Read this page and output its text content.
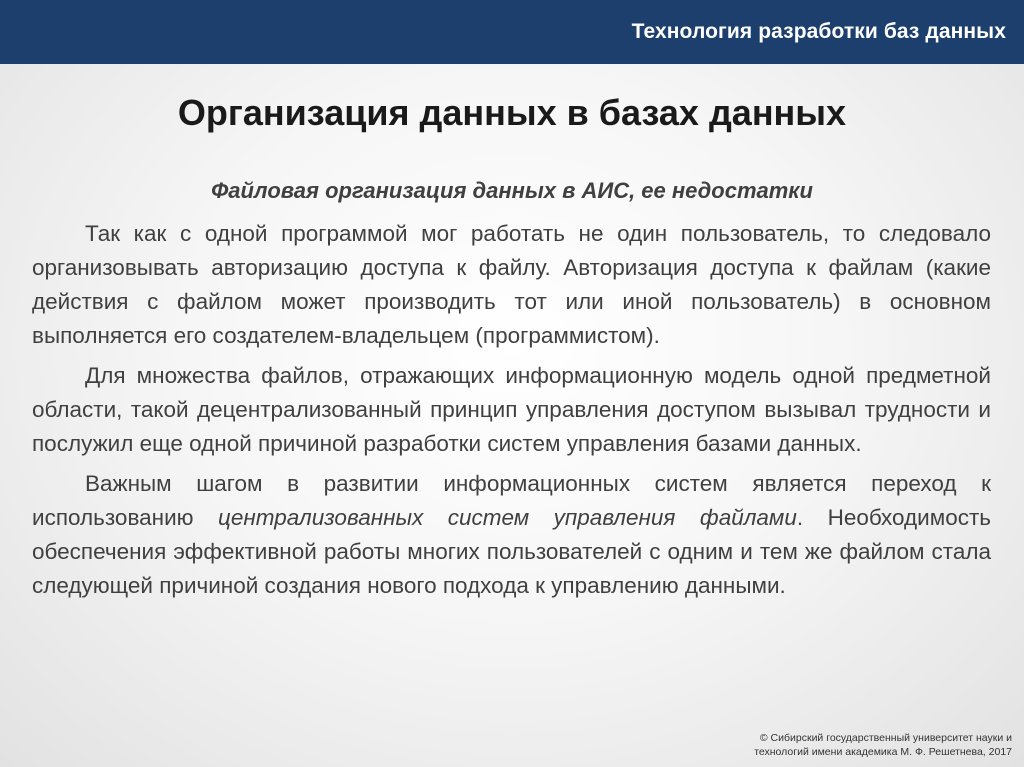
Технология разработки баз данных
Организация данных в базах данных
Файловая организация данных в АИС, ее недостатки

Так как с одной программой мог работать не один пользователь, то следовало организовывать авторизацию доступа к файлу. Авторизация доступа к файлам (какие действия с файлом может производить тот или иной пользователь) в основном выполняется его создателем-владельцем (программистом).

Для множества файлов, отражающих информационную модель одной предметной области, такой децентрализованный принцип управления доступом вызывал трудности и послужил еще одной причиной разработки систем управления базами данных.

Важным шагом в развитии информационных систем является переход к использованию централизованных систем управления файлами. Необходимость обеспечения эффективной работы многих пользователей с одним и тем же файлом стала следующей причиной создания нового подхода к управлению данными.

© Сибирский государственный университет науки и
технологий имени академика М. Ф. Решетнева, 2017
